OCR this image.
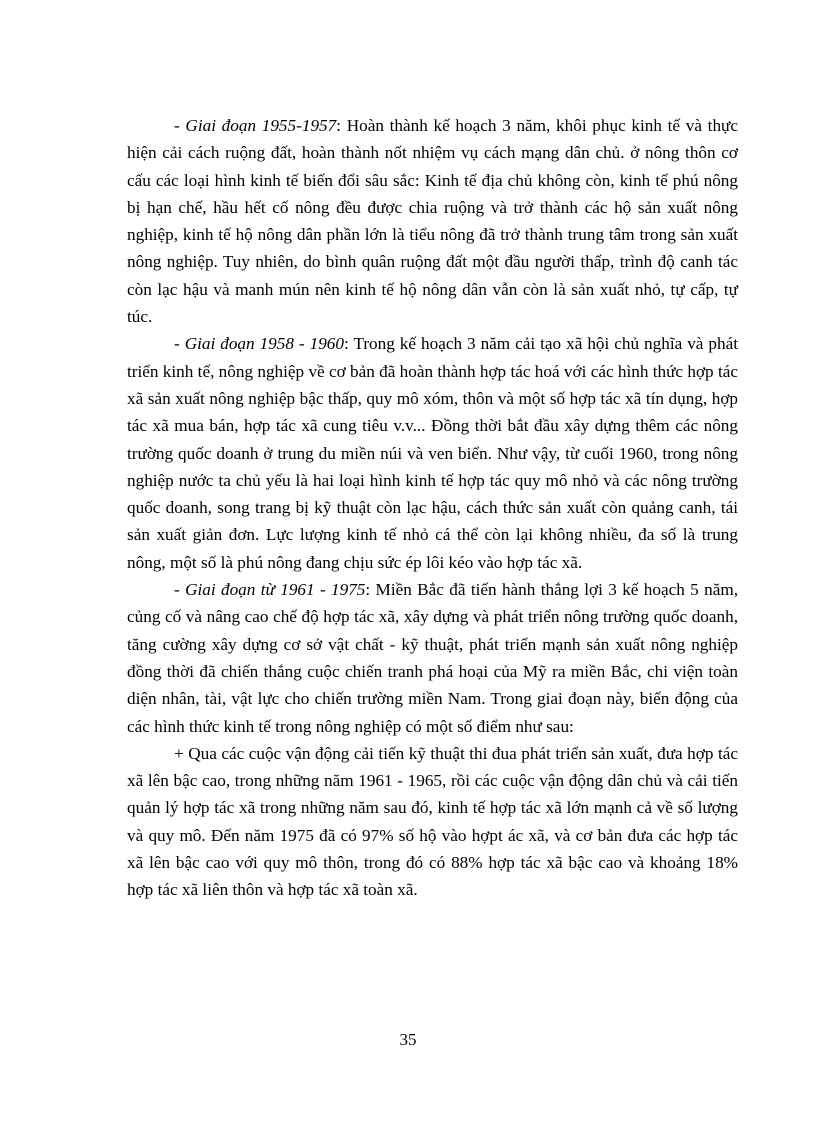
- Giai đoạn 1955-1957: Hoàn thành kế hoạch 3 năm, khôi phục kinh tế và thực hiện cải cách ruộng đất, hoàn thành nốt nhiệm vụ cách mạng dân chủ. ở nông thôn cơ cấu các loại hình kinh tế biến đổi sâu sắc: Kinh tế địa chủ không còn, kinh tế phú nông bị hạn chế, hầu hết cố nông đều được chia ruộng và trở thành các hộ sản xuất nông nghiệp, kinh tế hộ nông dân phần lớn là tiểu nông đã trở thành trung tâm trong sản xuất nông nghiệp. Tuy nhiên, do bình quân ruộng đất một đầu người thấp, trình độ canh tác còn lạc hậu và manh mún nên kinh tế hộ nông dân vẫn còn là sản xuất nhỏ, tự cấp, tự túc.

- Giai đoạn 1958 - 1960: Trong kế hoạch 3 năm cải tạo xã hội chủ nghĩa và phát triển kinh tế, nông nghiệp về cơ bản đã hoàn thành hợp tác hoá với các hình thức hợp tác xã sản xuất nông nghiệp bậc thấp, quy mô xóm, thôn và một số hợp tác xã tín dụng, hợp tác xã mua bán, hợp tác xã cung tiêu v.v... Đồng thời bắt đầu xây dựng thêm các nông trường quốc doanh ở trung du miền núi và ven biển. Như vậy, từ cuối 1960, trong nông nghiệp nước ta chủ yếu là hai loại hình kinh tế hợp tác quy mô nhỏ và các nông trường quốc doanh, song trang bị kỹ thuật còn lạc hậu, cách thức sản xuất còn quảng canh, tái sản xuất giản đơn. Lực lượng kinh tế nhỏ cá thể còn lại không nhiều, đa số là trung nông, một số là phú nông đang chịu sức ép lôi kéo vào hợp tác xã.

- Giai đoạn từ 1961 - 1975: Miền Bắc đã tiến hành thắng lợi 3 kế hoạch 5 năm, củng cố và nâng cao chế độ hợp tác xã, xây dựng và phát triển nông trường quốc doanh, tăng cường xây dựng cơ sở vật chất - kỹ thuật, phát triển mạnh sản xuất nông nghiệp đồng thời đã chiến thắng cuộc chiến tranh phá hoại của Mỹ ra miền Bắc, chi viện toàn diện nhân, tài, vật lực cho chiến trường miền Nam. Trong giai đoạn này, biến động của các hình thức kinh tế trong nông nghiệp có một số điểm như sau:

+ Qua các cuộc vận động cải tiến kỹ thuật thi đua phát triển sản xuất, đưa hợp tác xã lên bậc cao, trong những năm 1961 - 1965, rồi các cuộc vận động dân chủ và cải tiến quản lý hợp tác xã trong những năm sau đó, kinh tế hợp tác xã lớn mạnh cả về số lượng và quy mô. Đến năm 1975 đã có 97% số hộ vào hợpt ác xã, và cơ bản đưa các hợp tác xã lên bậc cao với quy mô thôn, trong đó có 88% hợp tác xã bậc cao và khoảng 18% hợp tác xã liên thôn và hợp tác xã toàn xã.

35
